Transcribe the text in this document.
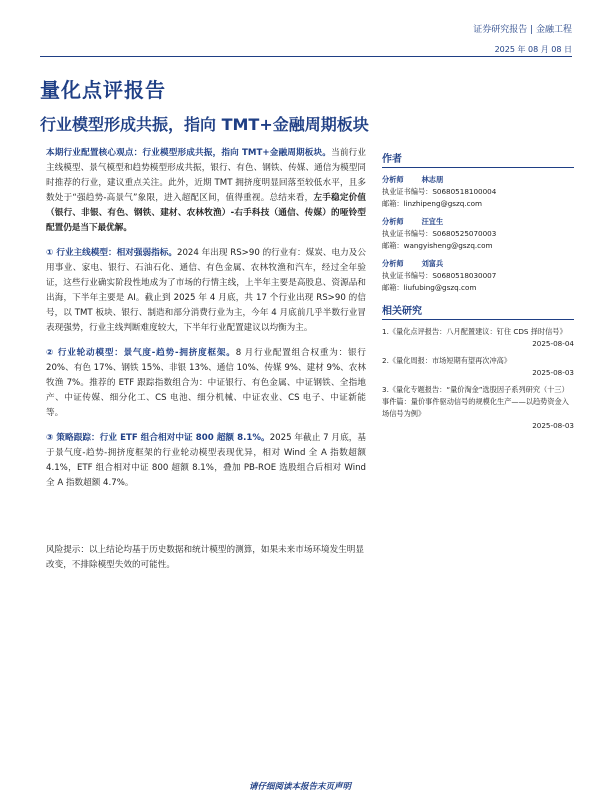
证券研究报告 | 金融工程
2025 年 08 月 08 日
量化点评报告
行业模型形成共振，指向 TMT+金融周期板块

本期行业配置核心观点：行业模型形成共振，指向 TMT+金融周期板块。当前行业主线模型、景气模型和趋势模型形成共振，银行、有色、钢铁、传媒、通信为模型同时推荐的行业，建议重点关注。此外，近期 TMT 拥挤度明显回落至较低水平，且多数处于“强趋势-高景气”象限，进入超配区间，值得重视。总结来看，左手稳定价值（银行、非银、有色、钢铁、建材、农林牧渔）-右手科技（通信、传媒）的哑铃型配置仍是当下最优解。

① 行业主线模型：相对强弱指标。2024 年出现 RS>90 的行业有：煤炭、电力及公用事业、家电、银行、石油石化、通信、有色金属、农林牧渔和汽车，经过全年验证，这些行业确实阶段性地成为了市场的行情主线，上半年主要是高股息、资源品和出海，下半年主要是 AI。截止到 2025 年 4 月底，共 17 个行业出现 RS>90 的信号，以 TMT 板块、银行、制造和部分消费行业为主，今年 4 月底前几乎半数行业冒表现强势，行业主线判断难度较大，下半年行业配置建议以均衡为主。

② 行业轮动模型：景气度-趋势-拥挤度框架。8 月行业配置组合权重为：银行 20%、有色 17%、钢铁 15%、非银 13%、通信 10%、传媒 9%、建材 9%、农林牧渔 7%。推荐的 ETF 跟踪指数组合为：中证银行、有色金属、中证钢铁、全指地产、中证传媒、细分化工、CS 电池、细分机械、中证农业、CS 电子、中证新能等。

③ 策略跟踪：行业 ETF 组合相对中证 800 超额 8.1%。2025 年截止 7 月底，基于景气度-趋势-拥挤度框架的行业轮动模型表现优异，相对 Wind 全 A 指数超额 4.1%，ETF 组合相对中证 800 超额 8.1%，叠加 PB-ROE 选股组合后相对 Wind 全 A 指数超额 4.7%。

风险提示：以上结论均基于历史数据和统计模型的测算，如果未来市场环境发生明显改变，不排除模型失效的可能性。
作者
分析师	林志朋
执业证书编号：S0680518100004
邮箱：linzhipeng@gszq.com
分析师	汪宜生
执业证书编号：S0680525070003
邮箱：wangyisheng@gszq.com
分析师	刘富兵
执业证书编号：S0680518030007
邮箱：liufubing@gszq.com
相关研究
1.《量化点评报告：八月配置建议：钉住 CDS 择时信号》
2025-08-04
2.《量化周报：市场短期有望再次冲高》
2025-08-03
3.《量化专题报告：“量价淘金”选股因子系列研究（十三）事件篇：量价事件驱动信号的规模化生产——以趋势资金入场信号为例》
2025-08-03
请仔细阅读本报告末页声明
